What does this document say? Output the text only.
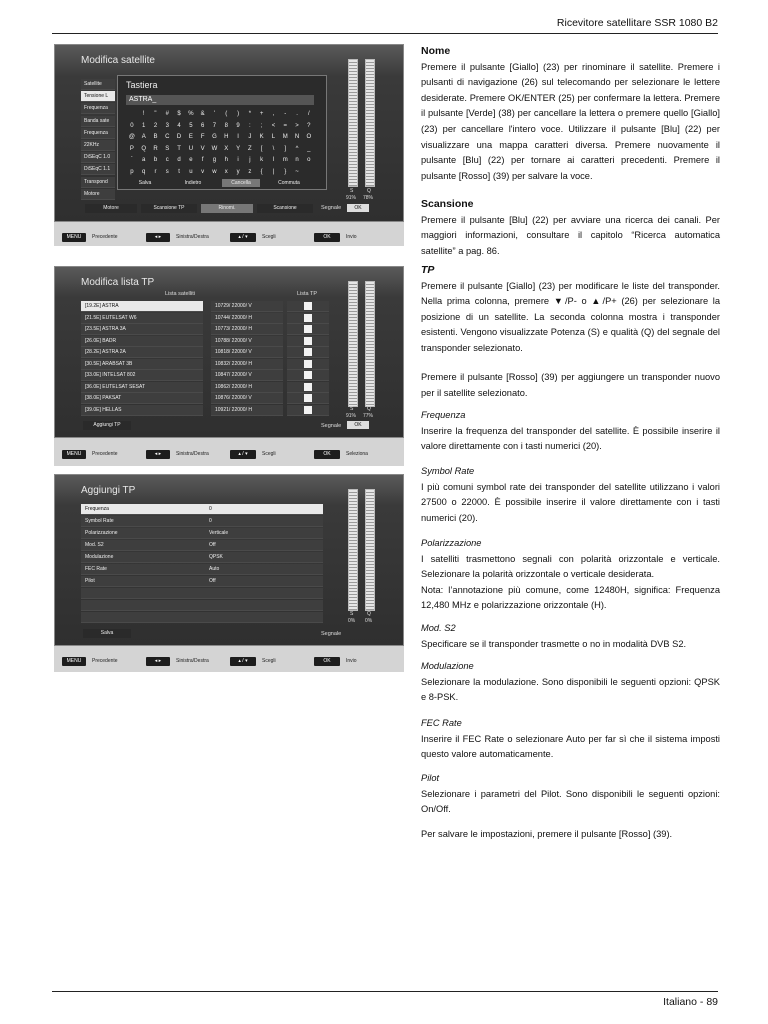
Ricevitore satellitare SSR 1080 B2
Italiano - 89
Modifica satellite
Satellite
Tensione L
Frequenza
Banda sate
Frequenza
22KHz
DiSEqC 1.0
DiSEqC 1.1
Transpond
Motore
Tastiera
ASTRA_
! " # $ % & ' ( ) * + , - . /
0 1 2 3 4 5 6 7 8 9 : ; < = > ?
@ A B C D E F G H I J K L M N O
P Q R S T U V W X Y Z [ \ ] ^ _
` a b c d e f g h i j k l m n o
p q r s t u v w x y z { | } ~
Salva	Indietro	Cancella	Commuta
S	Q
91% 78%
Motore	Scansione TP	Rinomi.	Scansione	Segnale	OK
MENU	Precedente	◂ ▸	Sinistra/Destra	▴ / ▾	Scegli	OK	Invio
Modifica lista TP
Lista satelliti	Lista TP
[19.2E] ASTRA	10729/ 22000/ V
[21.5E] EUTELSAT W6	10744/ 22000/ H
[23.5E] ASTRA 3A	10773/ 22000/ H
[26.0E] BADR	10788/ 22000/ V
[28.2E] ASTRA 2A	10818/ 22000/ V
[30.5E] ARABSAT 3B	10832/ 22000/ H
[33.0E] INTELSAT 802	10847/ 22000/ V
[36.0E] EUTELSAT SESAT	10862/ 22000/ H
[38.0E] PAKSAT	10876/ 22000/ V
[39.0E] HELLAS	10921/ 22000/ H	S	Q
91% 77%
Aggiungi TP	Segnale	OK
MENU	Precedente	◂ ▸	Sinistra/Destra	▴ / ▾	Scegli	OK	Seleziona
Aggiungi TP
Frequenza	0
Symbol Rate	0
Polarizzazione	Verticale
Mod. S2	Off
Modulazione	QPSK
FEC Rate	Auto
Pilot	Off
S	Q
0% 0%
Salva	Segnale
MENU	Precedente	◂ ▸	Sinistra/Destra	▴ / ▾	Scegli	OK	Invio
Nome

Premere il pulsante [Giallo] (23) per rinominare il satellite. Premere i pulsanti di navigazione (26) sul telecomando per selezionare le lettere desiderate. Premere OK/ENTER (25) per confermare la lettera. Premere il pulsante [Verde] (38) per cancellare la lettera o premere quello [Giallo] (23) per cancellare l'intero voce. Utilizzare il pulsante [Blu] (22) per visualizzare una mappa caratteri diversa. Premere nuovamente il pulsante [Blu] (22) per tornare ai caratteri precedenti. Premere il pulsante [Rosso] (39) per salvare la voce.

Scansione

Premere il pulsante [Blu] (22) per avviare una ricerca dei canali. Per maggiori informazioni, consultare il capitolo “Ricerca automatica satellite” a pag. 86.

TP

Premere il pulsante [Giallo] (23) per modificare le liste del transponder. Nella prima colonna, premere ▼/P- o ▲/P+ (26) per selezionare la posizione di un satellite. La seconda colonna mostra i transponder esistenti. Vengono visualizzate Potenza (S) e qualità (Q) del segnale del transponder selezionato.

Premere il pulsante [Rosso] (39) per aggiungere un transponder nuovo per il satellite selezionato.

Frequenza

Inserire la frequenza del transponder del satellite. È possibile inserire il valore direttamente con i tasti numerici (20).

Symbol Rate

I più comuni symbol rate dei transponder del satellite utilizzano i valori 27500 o 22000. È possibile inserire il valore direttamente con i tasti numerici (20).

Polarizzazione

I satelliti trasmettono segnali con polarità orizzontale e verticale. Selezionare la polarità orizzontale o verticale desiderata.

Nota: l’annotazione più comune, come 12480H, significa: Frequenza 12,480 MHz e polarizzazione orizzontale (H).

Mod. S2

Specificare se il transponder trasmette o no in modalità DVB S2.

Modulazione

Selezionare la modulazione. Sono disponibili le seguenti opzioni: QPSK e 8-PSK.

FEC Rate

Inserire il FEC Rate o selezionare Auto per far sì che il sistema imposti questo valore automaticamente.

Pilot

Selezionare i parametri del Pilot. Sono disponibili le seguenti opzioni: On/Off.

Per salvare le impostazioni, premere il pulsante [Rosso] (39).
